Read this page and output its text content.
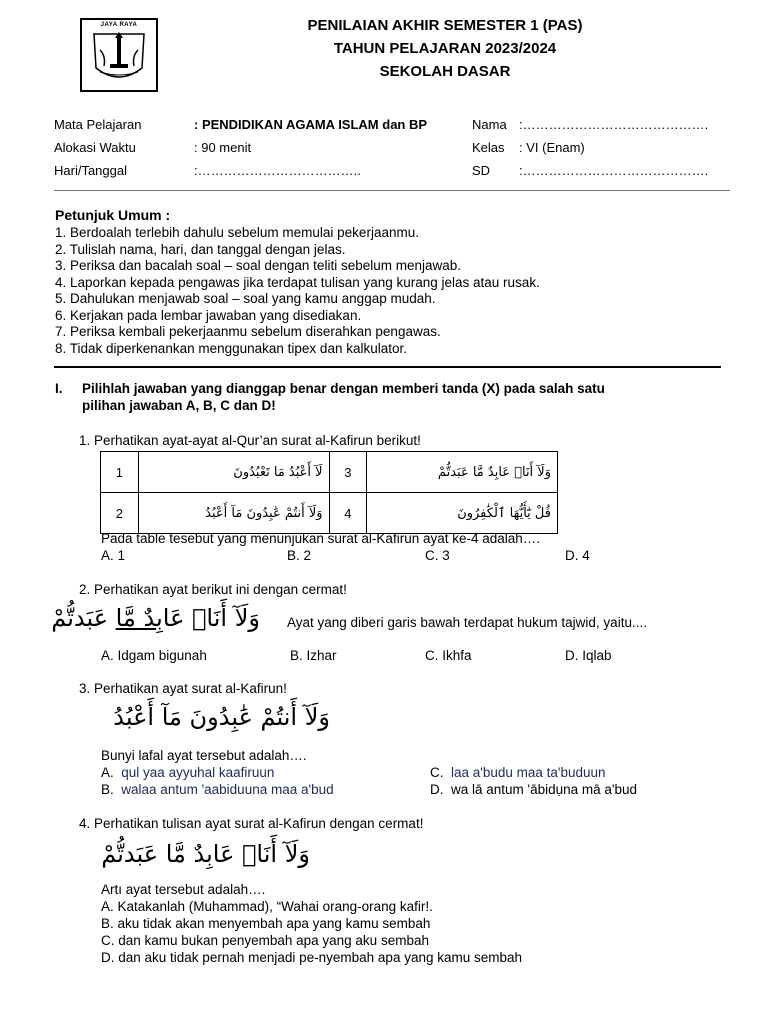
JAYA RAYA	PENILAIAN AKHIR SEMESTER 1 (PAS)
TAHUN PELAJARAN 2023/2024
SEKOLAH DASAR
Mata Pelajaran	: PENDIDIKAN AGAMA ISLAM dan BP
Alokasi Waktu	: 90 menit
Hari/Tanggal	:………………………………..
Nama :…………………………………….
Kelas : VI (Enam)
SD :…………………………………….
Petunjuk Umum :
1. Berdoalah terlebih dahulu sebelum memulai pekerjaanmu.
2. Tulislah nama, hari, dan tanggal dengan jelas.
3. Periksa dan bacalah soal – soal dengan teliti sebelum menjawab.
4. Laporkan kepada pengawas jika terdapat tulisan yang kurang jelas atau rusak.
5. Dahulukan menjawab soal – soal yang kamu anggap mudah.
6. Kerjakan pada lembar jawaban yang disediakan.
7. Periksa kembali pekerjaanmu sebelum diserahkan pengawas.
8. Tidak diperkenankan menggunakan tipex dan kalkulator.
I. Pilihlah jawaban yang dianggap benar dengan memberi tanda (X) pada salah satu
pilihan jawaban A, B, C dan D!
1. Perhatikan ayat-ayat al-Qur’an surat al-Kafirun berikut!
1	لَآ أَعْبُدُ مَا تَعْبُدُونَ	3	وَلَآ أَنَا۠ عَابِدٌ مَّا عَبَدتُّمْ
2	وَلَآ أَنتُمْ عَٰبِدُونَ مَآ أَعْبُدُ	4	قُلْ يَٰٓأَيُّهَا ٱلْكَٰفِرُونَ
Pada table tesebut yang menunjukan surat al-Kafirun ayat ke-4 adalah….
A. 1	B. 2	C. 3	D. 4
2. Perhatikan ayat berikut ini dengan cermat!
وَلَآ أَنَا۠ عَابِدٌ مَّا عَبَدتُّمْ	Ayat yang diberi garis bawah terdapat hukum tajwid, yaitu....
A. Idgam bigunah	B. Izhar	C. Ikhfa	D. Iqlab
3. Perhatikan ayat surat al-Kafirun!
وَلَآ أَنتُمْ عَٰبِدُونَ مَآ أَعْبُدُ
Bunyi lafal ayat tersebut adalah….
A. qul yaa ayyuhal kaafiruun
B. walaa antum 'aabiduuna maa a'bud
C. laa a'budu maa ta'buduun
D. wa lā antum 'ābidụna mā a'bud
4. Perhatikan tulisan ayat surat al-Kafirun dengan cermat!
وَلَآ أَنَا۠ عَابِدٌ مَّا عَبَدتُّمْ
Artı ayat tersebut adalah….
A. Katakanlah (Muhammad), “Wahai orang-orang kafir!.
B. aku tidak akan menyembah apa yang kamu sembah
C. dan kamu bukan penyembah apa yang aku sembah
D. dan aku tidak pernah menjadi pe-nyembah apa yang kamu sembah
